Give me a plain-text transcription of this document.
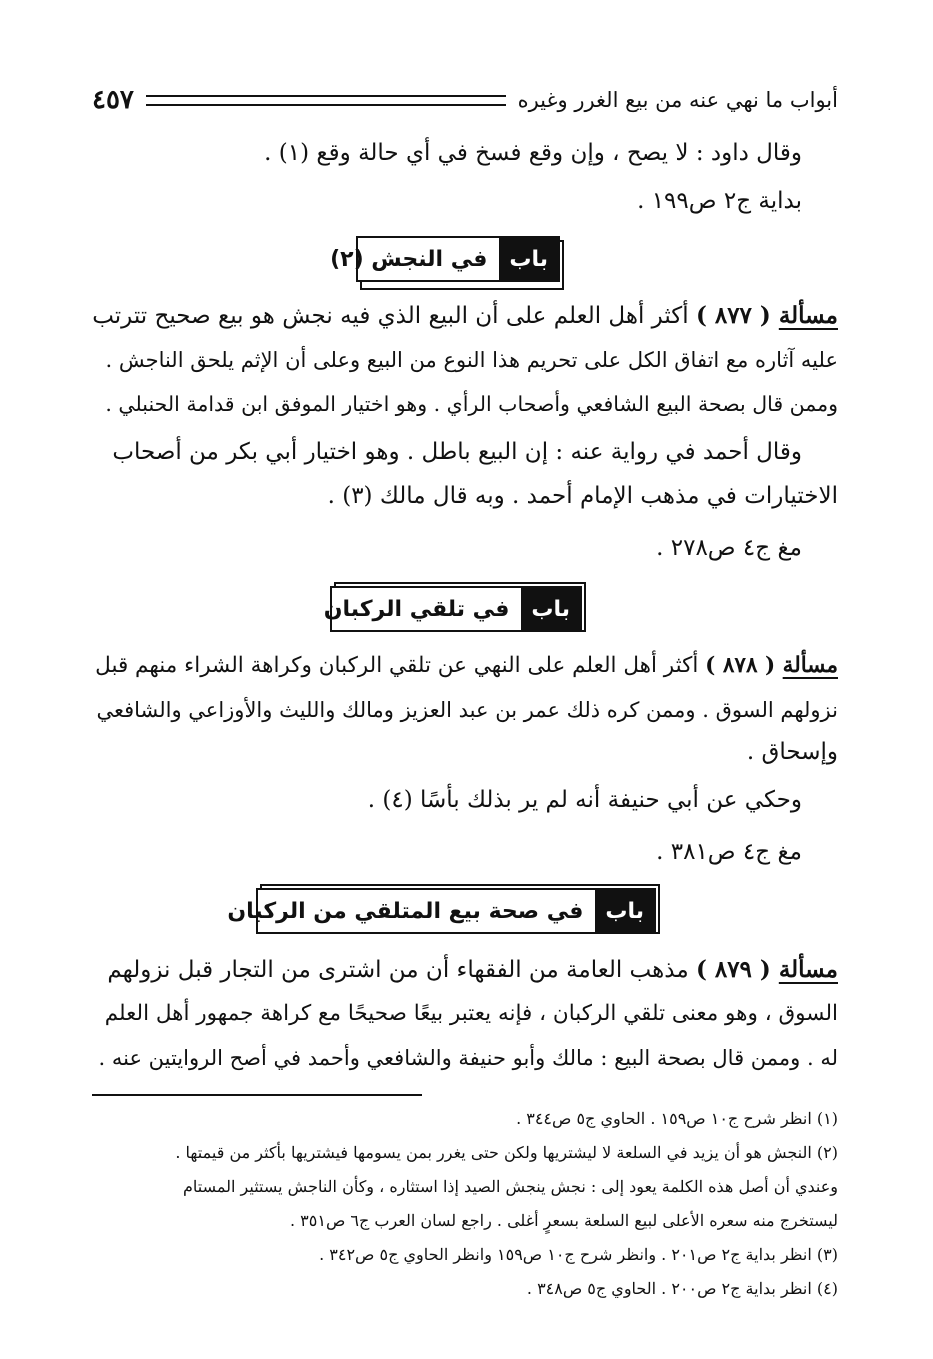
أبواب ما نهي عنه من بيع الغرر وغيره
٤٥٧
وقال داود : لا يصح ، وإن وقع فسخ في أي حالة وقع (١) .
بداية ج٢ ص١٩٩ .
باب
في النجش (٢)
مسألة ( ٨٧٧ ) أكثر أهل العلم على أن البيع الذي فيه نجش هو بيع صحيح تترتب
عليه آثاره مع اتفاق الكل على تحريم هذا النوع من البيع وعلى أن الإثم يلحق الناجش .
وممن قال بصحة البيع الشافعي وأصحاب الرأي . وهو اختيار الموفق ابن قدامة الحنبلي .
وقال أحمد في رواية عنه : إن البيع باطل . وهو اختيار أبي بكر من أصحاب
الاختيارات في مذهب الإمام أحمد . وبه قال مالك (٣) .
مغ ج٤ ص٢٧٨ .
باب
في تلقي الركبان
مسألة ( ٨٧٨ ) أكثر أهل العلم على النهي عن تلقي الركبان وكراهة الشراء منهم قبل
نزولهم السوق . وممن كره ذلك عمر بن عبد العزيز ومالك والليث والأوزاعي والشافعي
وإسحاق .
وحكي عن أبي حنيفة أنه لم ير بذلك بأسًا (٤) .
مغ ج٤ ص٣٨١ .
باب
في صحة بيع المتلقي من الركبان
مسألة ( ٨٧٩ ) مذهب العامة من الفقهاء أن من اشترى من التجار قبل نزولهم
السوق ، وهو معنى تلقي الركبان ، فإنه يعتبر بيعًا صحيحًا مع كراهة جمهور أهل العلم
له . وممن قال بصحة البيع : مالك وأبو حنيفة والشافعي وأحمد في أصح الروايتين عنه .
(١) انظر شرح ج١٠ ص١٥٩ . الحاوي ج٥ ص٣٤٤ .
(٢) النجش هو أن يزيد في السلعة لا ليشتريها ولكن حتى يغرر بمن يسومها فيشتريها بأكثر من قيمتها .
وعندي أن أصل هذه الكلمة يعود إلى : نجش ينجش الصيد إذا استثاره ، وكأن الناجش يستثير المستام
ليستخرج منه سعره الأعلى لبيع السلعة بسعرٍ أغلى . راجع لسان العرب ج٦ ص٣٥١ .
(٣) انظر بداية ج٢ ص٢٠١ . وانظر شرح ج١٠ ص١٥٩ وانظر الحاوي ج٥ ص٣٤٢ .
(٤) انظر بداية ج٢ ص٢٠٠ . الحاوي ج٥ ص٣٤٨ .
